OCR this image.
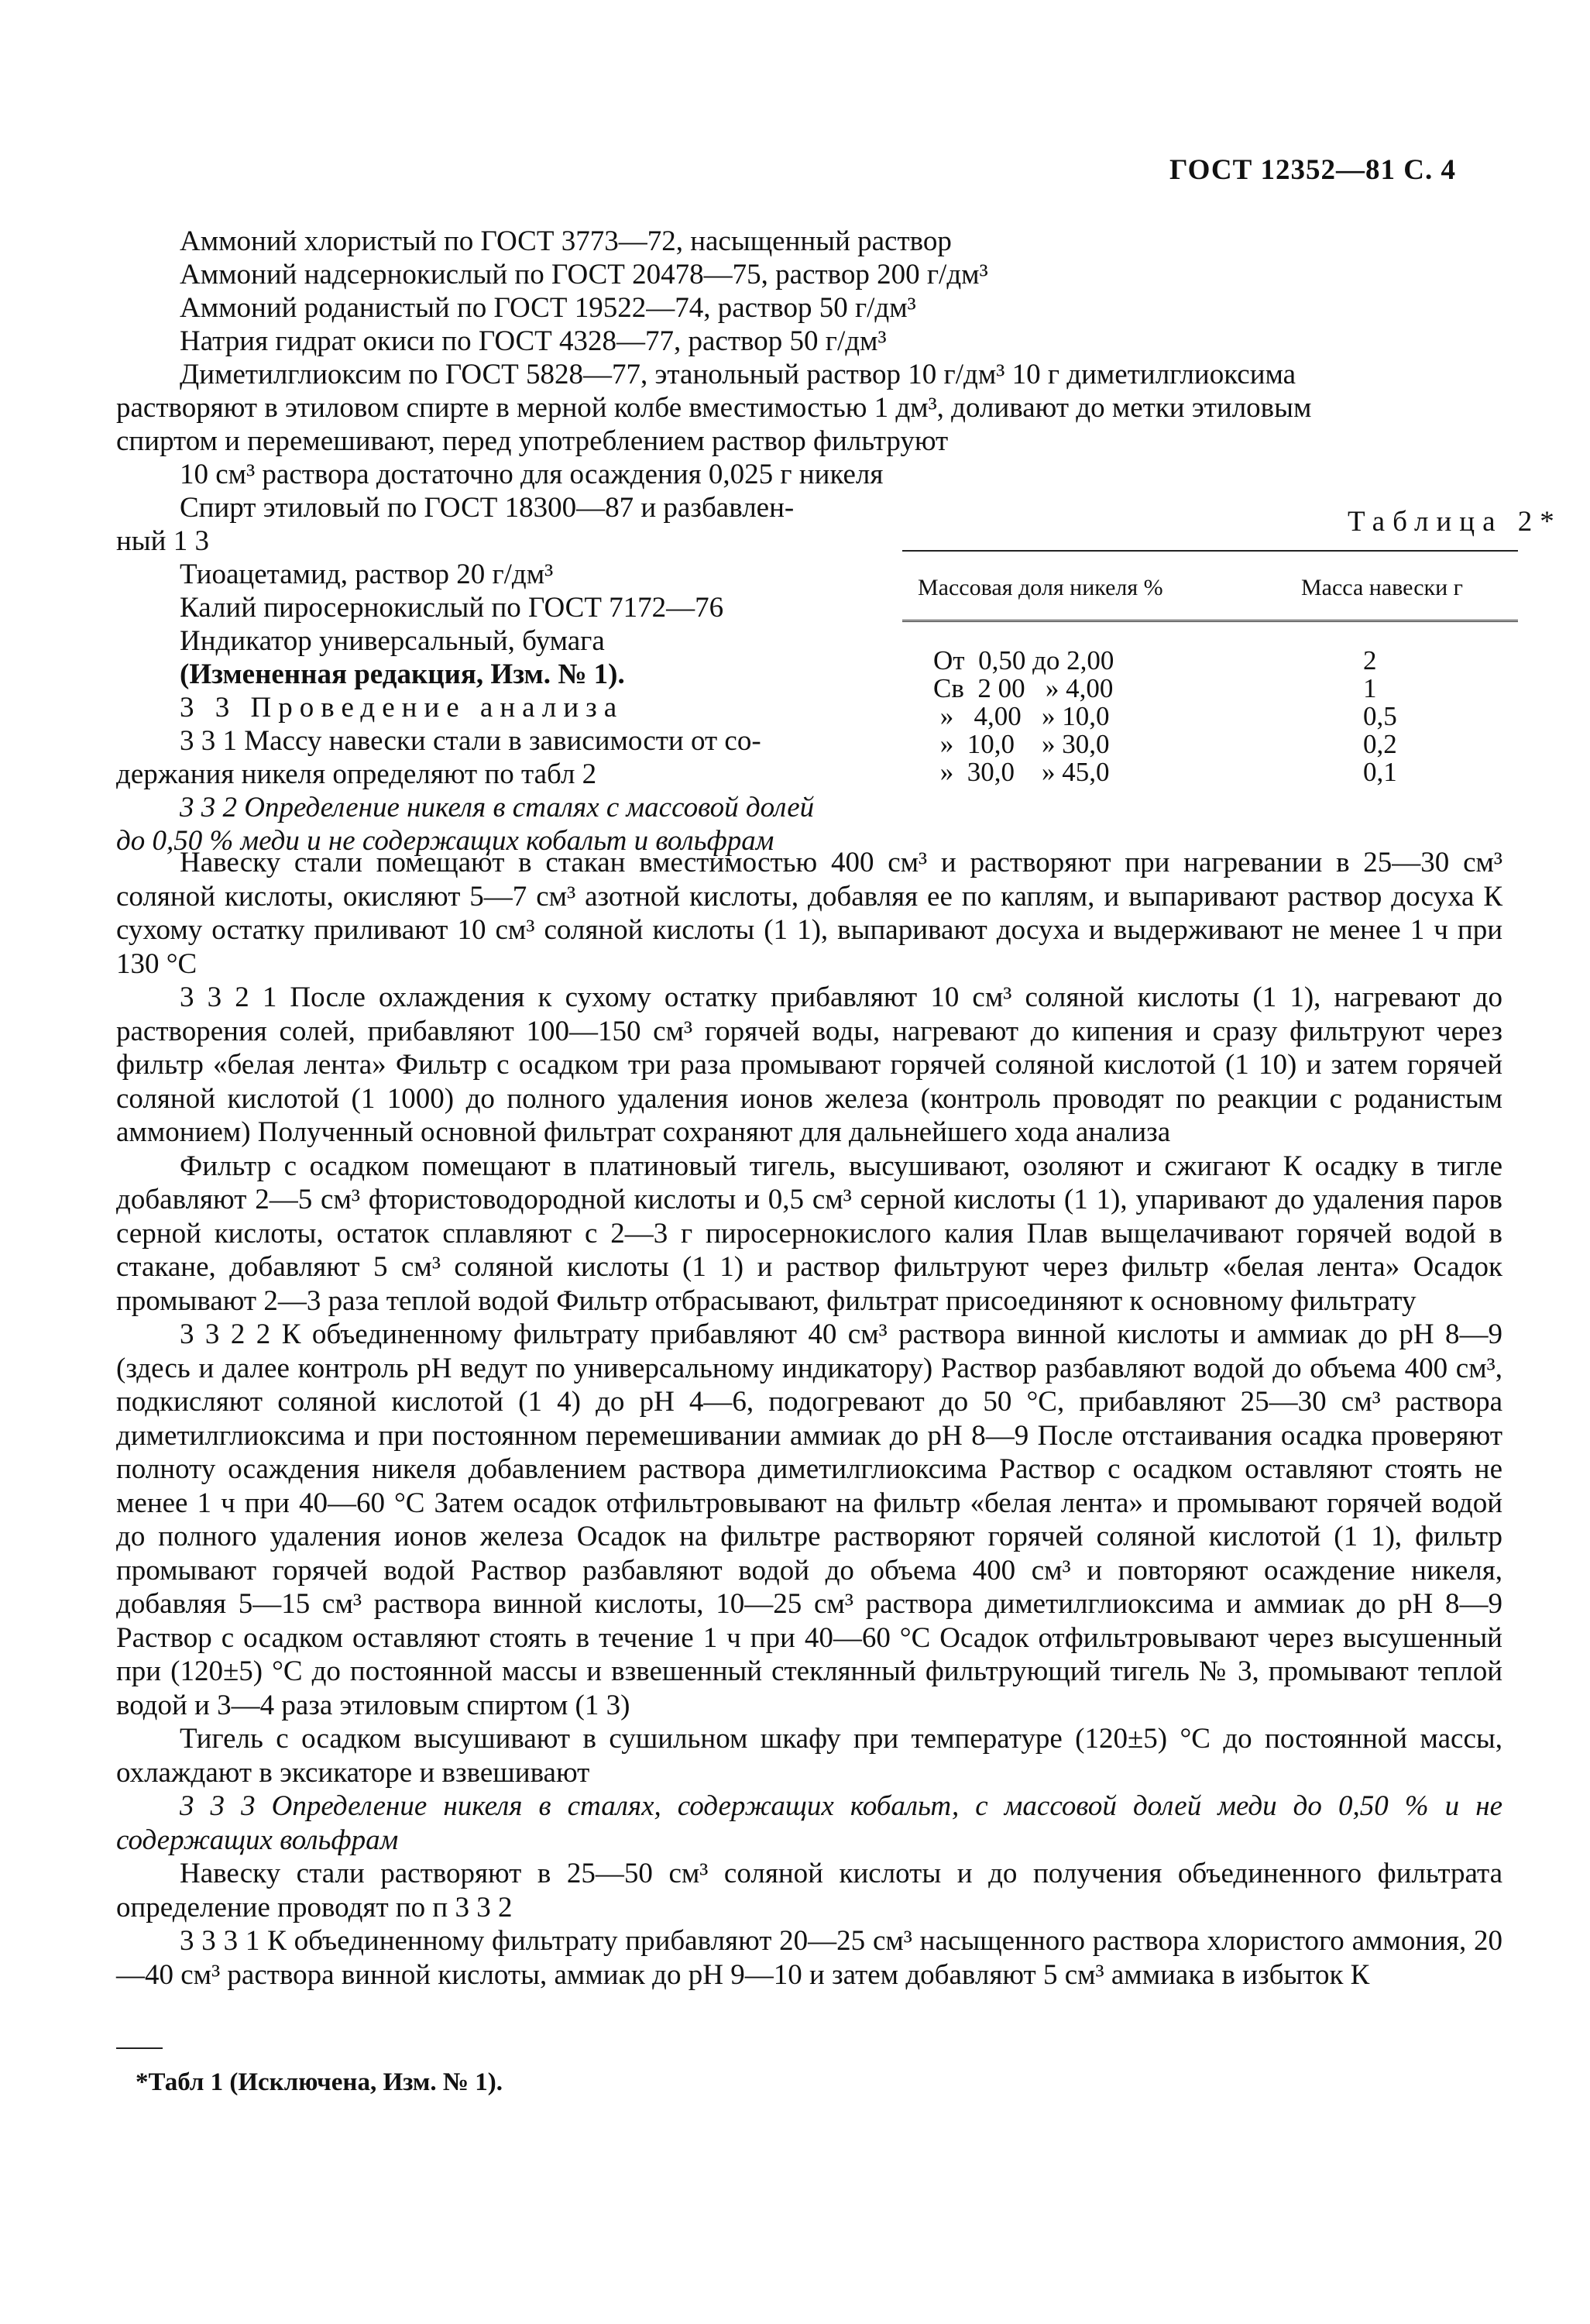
ГОСТ 12352—81 С. 4
Аммоний хлористый по ГОСТ 3773—72, насыщенный раствор
Аммоний надсернокислый по ГОСТ 20478—75, раствор 200 г/дм³
Аммоний роданистый по ГОСТ 19522—74, раствор 50 г/дм³
Натрия гидрат окиси по ГОСТ 4328—77, раствор 50 г/дм³
Диметилглиоксим по ГОСТ 5828—77, этанольный раствор 10 г/дм³ 10 г диметилглиоксима
растворяют в этиловом спирте в мерной колбе вместимостью 1 дм³, доливают до метки этиловым
спиртом и перемешивают, перед употреблением раствор фильтруют
10 см³ раствора достаточно для осаждения 0,025 г никеля
Спирт этиловый по ГОСТ 18300—87 и разбавлен-
ный 1 3
Тиоацетамид, раствор 20 г/дм³
Калий пиросернокислый по ГОСТ 7172—76
Индикатор универсальный, бумага
(Измененная редакция, Изм. № 1).
3 3 Проведение анализа
3 3 1 Массу навески стали в зависимости от со-
держания никеля определяют по табл 2
3 3 2 Определение никеля в сталях с массовой долей
до 0,50 % меди и не содержащих кобальт и вольфрам
Таблица 2*
Массовая доля никеля %	Масса навески г
От  0,50 до 2,00	2
Св  2 00   » 4,00	1
»   4,00   » 10,0	0,5
»  10,0    » 30,0	0,2
»  30,0    » 45,0	0,1

Навеску стали помещают в стакан вместимостью 400 см³ и растворяют при нагревании в 25—30 см³ соляной кислоты, окисляют 5—7 см³ азотной кислоты, добавляя ее по каплям, и выпаривают раствор досуха К сухому остатку приливают 10 см³ соляной кислоты (1 1), выпаривают досуха и выдерживают не менее 1 ч при 130 °С

3 3 2 1 После охлаждения к сухому остатку прибавляют 10 см³ соляной кислоты (1 1), нагревают до растворения солей, прибавляют 100—150 см³ горячей воды, нагревают до кипения и сразу фильтруют через фильтр «белая лента» Фильтр с осадком три раза промывают горячей соляной кислотой (1 10) и затем горячей соляной кислотой (1 1000) до полного удаления ионов железа (контроль проводят по реакции с роданистым аммонием) Полученный основной фильтрат сохраняют для дальнейшего хода анализа

Фильтр с осадком помещают в платиновый тигель, высушивают, озоляют и сжигают К осадку в тигле добавляют 2—5 см³ фтористоводородной кислоты и 0,5 см³ серной кислоты (1 1), упаривают до удаления паров серной кислоты, остаток сплавляют с 2—3 г пиросернокислого калия Плав выщелачивают горячей водой в стакане, добавляют 5 см³ соляной кислоты (1 1) и раствор фильтруют через фильтр «белая лента» Осадок промывают 2—3 раза теплой водой Фильтр отбрасывают, фильтрат присоединяют к основному фильтрату

3 3 2 2 К объединенному фильтрату прибавляют 40 см³ раствора винной кислоты и аммиак до рН 8—9 (здесь и далее контроль рН ведут по универсальному индикатору) Раствор разбавляют водой до объема 400 см³, подкисляют соляной кислотой (1 4) до рН 4—6, подогревают до 50 °С, прибавляют 25—30 см³ раствора диметилглиоксима и при постоянном перемешивании аммиак до рН 8—9 После отстаивания осадка проверяют полноту осаждения никеля добавлением раствора диметилглиоксима Раствор с осадком оставляют стоять не менее 1 ч при 40—60 °С Затем осадок отфильтровывают на фильтр «белая лента» и промывают горячей водой до полного удаления ионов железа Осадок на фильтре растворяют горячей соляной кислотой (1 1), фильтр промывают горячей водой Раствор разбавляют водой до объема 400 см³ и повторяют осаждение никеля, добавляя 5—15 см³ раствора винной кислоты, 10—25 см³ раствора диметилглиоксима и аммиак до рН 8—9 Раствор с осадком оставляют стоять в течение 1 ч при 40—60 °С Осадок отфильтровывают через высушенный при (120±5) °С до постоянной массы и взвешенный стеклянный фильтрующий тигель № 3, промывают теплой водой и 3—4 раза этиловым спиртом (1 3)

Тигель с осадком высушивают в сушильном шкафу при температуре (120±5) °С до постоянной массы, охлаждают в эксикаторе и взвешивают

3 3 3 Определение никеля в сталях, содержащих кобальт, с массовой долей меди до 0,50 % и не содержащих вольфрам

Навеску стали растворяют в 25—50 см³ соляной кислоты и до получения объединенного фильтрата определение проводят по п 3 3 2

3 3 3 1 К объединенному фильтрату прибавляют 20—25 см³ насыщенного раствора хлористого аммония, 20—40 см³ раствора винной кислоты, аммиак до рН 9—10 и затем добавляют 5 см³ аммиака в избыток К

*Табл 1 (Исключена, Изм. № 1).
